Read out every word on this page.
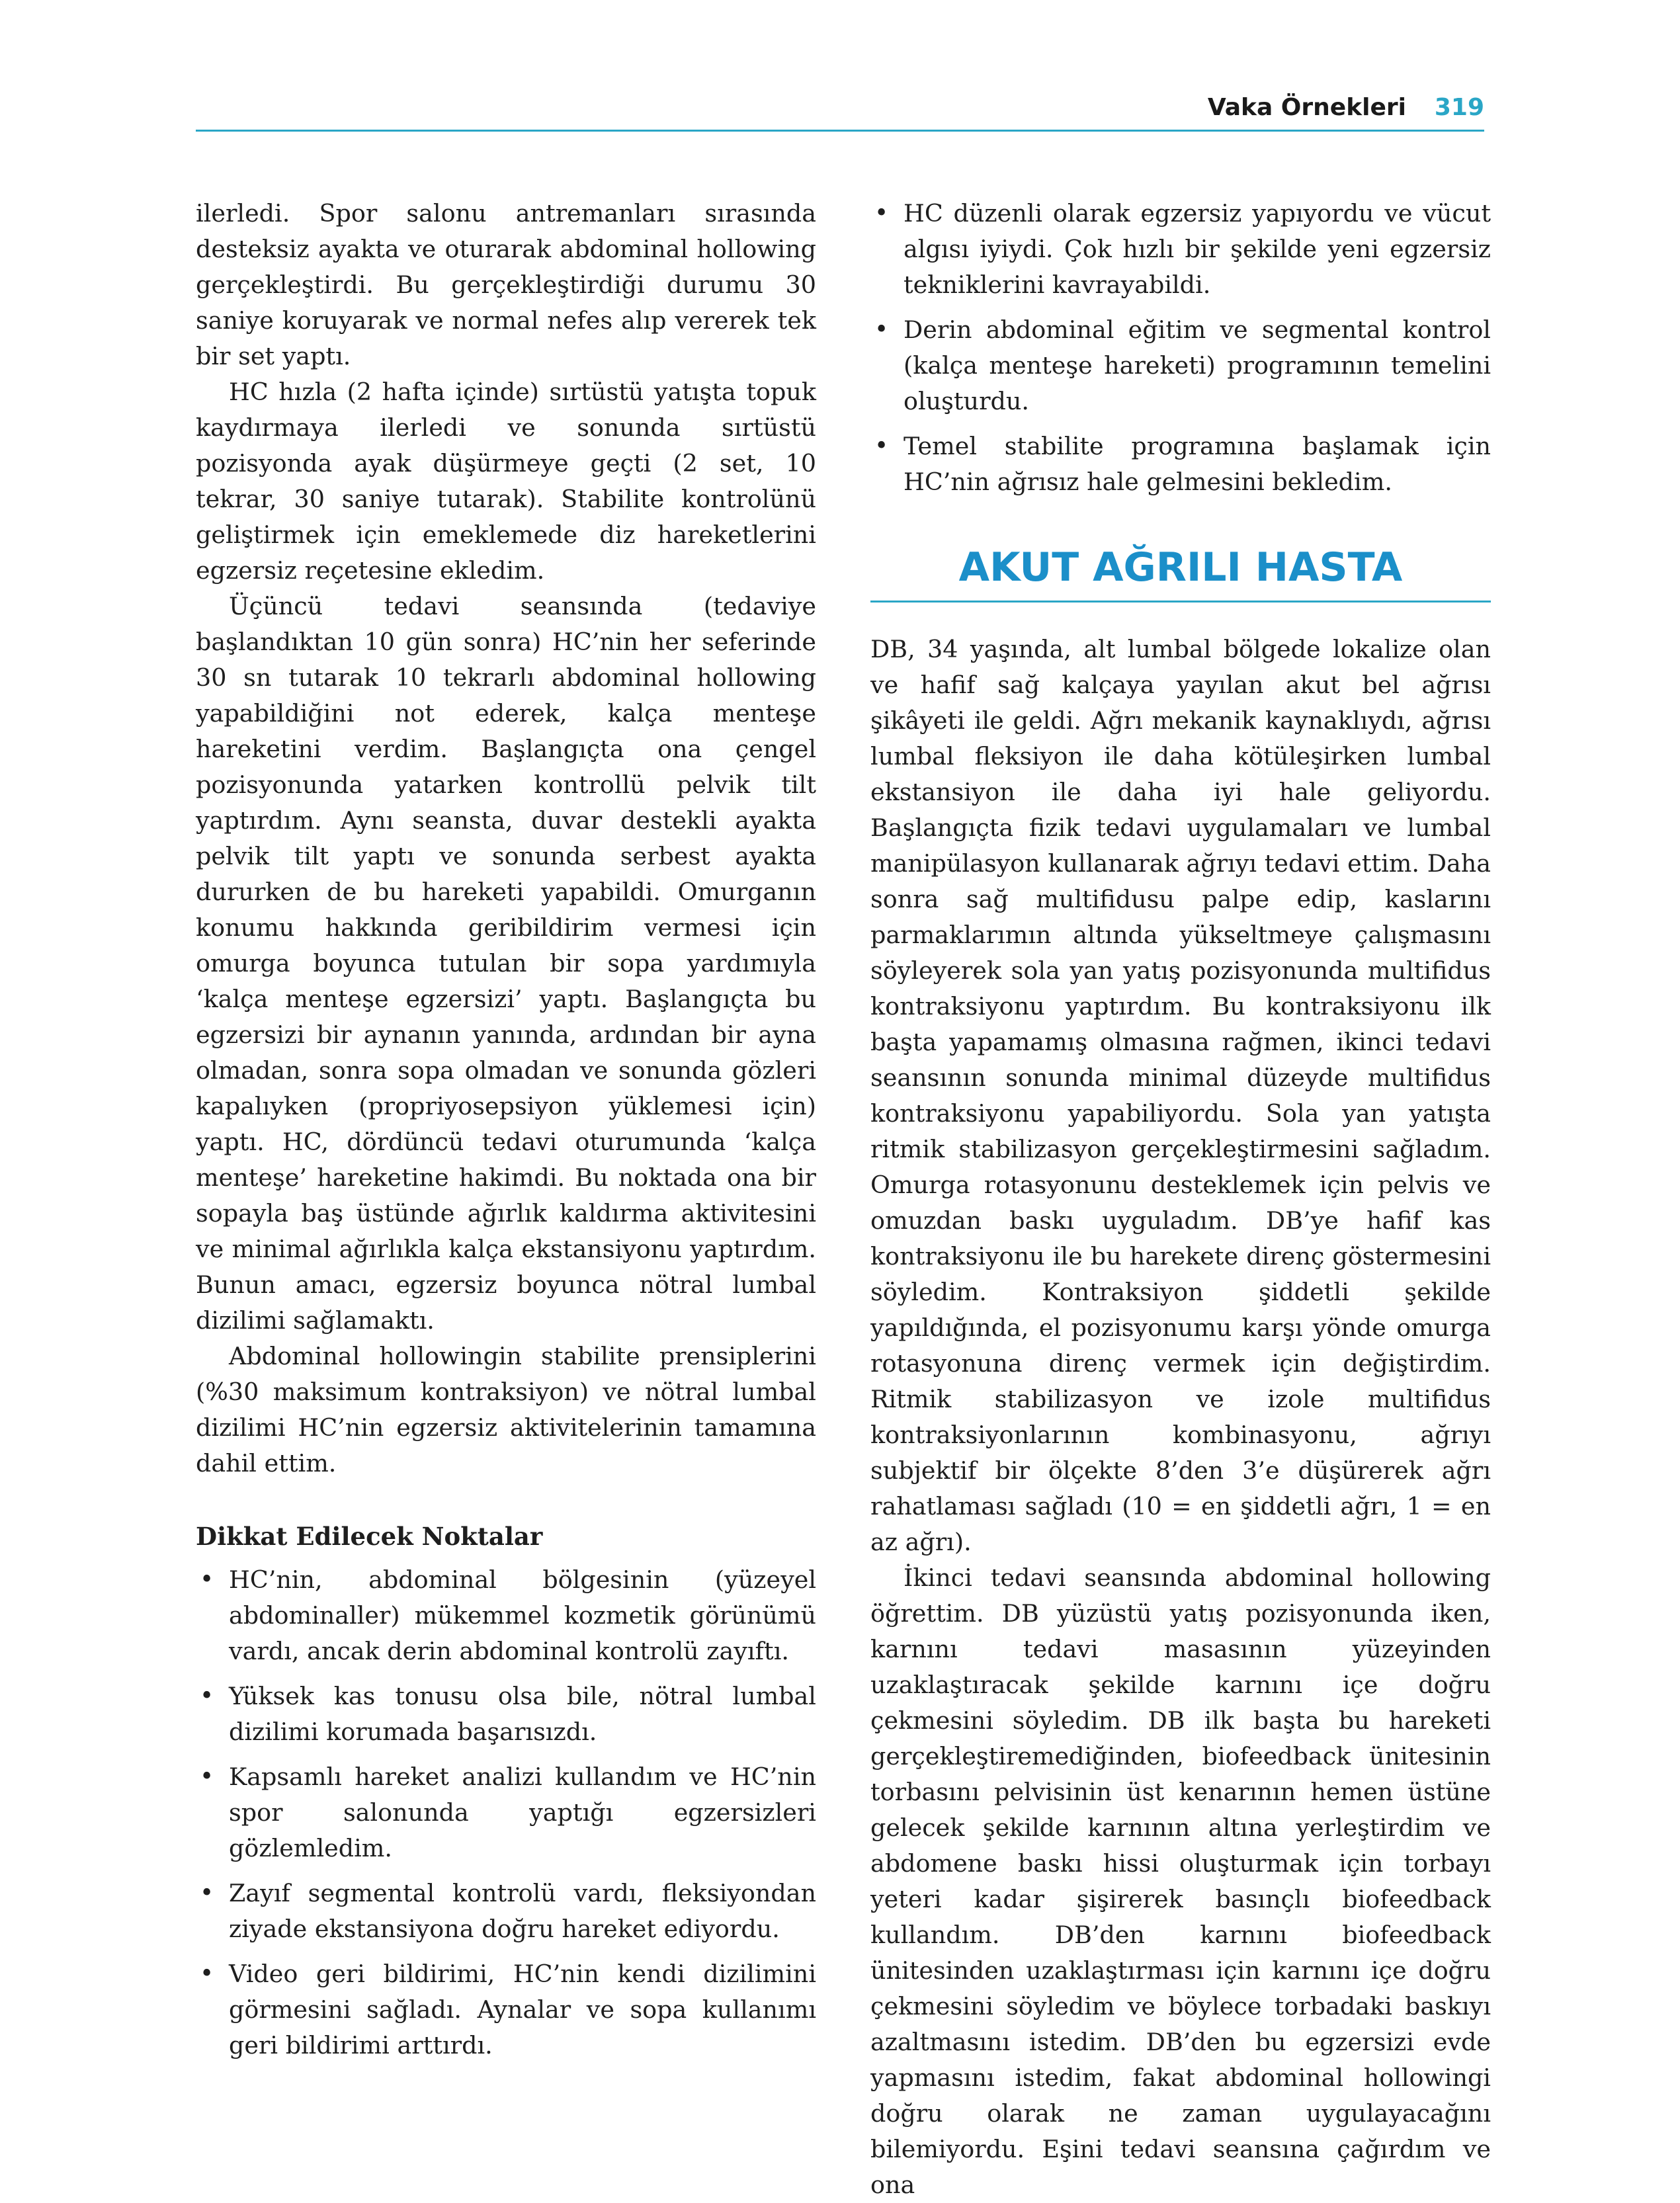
Vaka Örnekleri 319

ilerledi. Spor salonu antremanları sırasında desteksiz ayakta ve oturarak abdominal hollowing gerçekleştirdi. Bu gerçekleştirdiği durumu 30 saniye koruyarak ve normal nefes alıp vererek tek bir set yaptı.

HC hızla (2 hafta içinde) sırtüstü yatışta topuk kaydırmaya ilerledi ve sonunda sırtüstü pozisyonda ayak düşürmeye geçti (2 set, 10 tekrar, 30 saniye tutarak). Stabilite kontrolünü geliştirmek için emeklemede diz hareketlerini egzersiz reçetesine ekledim.

Üçüncü tedavi seansında (tedaviye başlandıktan 10 gün sonra) HC’nin her seferinde 30 sn tutarak 10 tekrarlı abdominal hollowing yapabildiğini not ederek, kalça menteşe hareketini verdim. Başlangıçta ona çengel pozisyonunda yatarken kontrollü pelvik tilt yaptırdım. Aynı seansta, duvar destekli ayakta pelvik tilt yaptı ve sonunda serbest ayakta dururken de bu hareketi yapabildi. Omurganın konumu hakkında geribildirim vermesi için omurga boyunca tutulan bir sopa yardımıyla ‘kalça menteşe egzersizi’ yaptı. Başlangıçta bu egzersizi bir aynanın yanında, ardından bir ayna olmadan, sonra sopa olmadan ve sonunda gözleri kapalıyken (propriyosepsiyon yüklemesi için) yaptı. HC, dördüncü tedavi oturumunda ‘kalça menteşe’ hareketine hakimdi. Bu noktada ona bir sopayla baş üstünde ağırlık kaldırma aktivitesini ve minimal ağırlıkla kalça ekstansiyonu yaptırdım. Bunun amacı, egzersiz boyunca nötral lumbal dizilimi sağlamaktı.

Abdominal hollowingin stabilite prensiplerini (%30 maksimum kontraksiyon) ve nötral lumbal dizilimi HC’nin egzersiz aktivitelerinin tamamına dahil ettim.

Dikkat Edilecek Noktalar
• HC’nin, abdominal bölgesinin (yüzeyel abdominaller) mükemmel kozmetik görünümü vardı, ancak derin abdominal kontrolü zayıftı.
• Yüksek kas tonusu olsa bile, nötral lumbal dizilimi korumada başarısızdı.
• Kapsamlı hareket analizi kullandım ve HC’nin spor salonunda yaptığı egzersizleri gözlemledim.
• Zayıf segmental kontrolü vardı, fleksiyondan ziyade ekstansiyona doğru hareket ediyordu.
• Video geri bildirimi, HC’nin kendi dizilimini görmesini sağladı. Aynalar ve sopa kullanımı geri bildirimi arttırdı.
• HC düzenli olarak egzersiz yapıyordu ve vücut algısı iyiydi. Çok hızlı bir şekilde yeni egzersiz tekniklerini kavrayabildi.
• Derin abdominal eğitim ve segmental kontrol (kalça menteşe hareketi) programının temelini oluşturdu.
• Temel stabilite programına başlamak için HC’nin ağrısız hale gelmesini bekledim.
AKUT AĞRILI HASTA

DB, 34 yaşında, alt lumbal bölgede lokalize olan ve hafif sağ kalçaya yayılan akut bel ağrısı şikâyeti ile geldi. Ağrı mekanik kaynaklıydı, ağrısı lumbal fleksiyon ile daha kötüleşirken lumbal ekstansiyon ile daha iyi hale geliyordu. Başlangıçta fizik tedavi uygulamaları ve lumbal manipülasyon kullanarak ağrıyı tedavi ettim. Daha sonra sağ multifidusu palpe edip, kaslarını parmaklarımın altında yükseltmeye çalışmasını söyleyerek sola yan yatış pozisyonunda multifidus kontraksiyonu yaptırdım. Bu kontraksiyonu ilk başta yapamamış olmasına rağmen, ikinci tedavi seansının sonunda minimal düzeyde multifidus kontraksiyonu yapabiliyordu. Sola yan yatışta ritmik stabilizasyon gerçekleştirmesini sağladım. Omurga rotasyonunu desteklemek için pelvis ve omuzdan baskı uyguladım. DB’ye hafif kas kontraksiyonu ile bu harekete direnç göstermesini söyledim. Kontraksiyon şiddetli şekilde yapıldığında, el pozisyonumu karşı yönde omurga rotasyonuna direnç vermek için değiştirdim. Ritmik stabilizasyon ve izole multifidus kontraksiyonlarının kombinasyonu, ağrıyı subjektif bir ölçekte 8’den 3’e düşürerek ağrı rahatlaması sağladı (10 = en şiddetli ağrı, 1 = en az ağrı).

İkinci tedavi seansında abdominal hollowing öğrettim. DB yüzüstü yatış pozisyonunda iken, karnını tedavi masasının yüzeyinden uzaklaştıracak şekilde karnını içe doğru çekmesini söyledim. DB ilk başta bu hareketi gerçekleştiremediğinden, biofeedback ünitesinin torbasını pelvisinin üst kenarının hemen üstüne gelecek şekilde karnının altına yerleştirdim ve abdomene baskı hissi oluşturmak için torbayı yeteri kadar şişirerek basınçlı biofeedback kullandım. DB’den karnını biofeedback ünitesinden uzaklaştırması için karnını içe doğru çekmesini söyledim ve böylece torbadaki baskıyı azaltmasını istedim. DB’den bu egzersizi evde yapmasını istedim, fakat abdominal hollowingi doğru olarak ne zaman uygulayacağını bilemiyordu. Eşini tedavi seansına çağırdım ve ona
